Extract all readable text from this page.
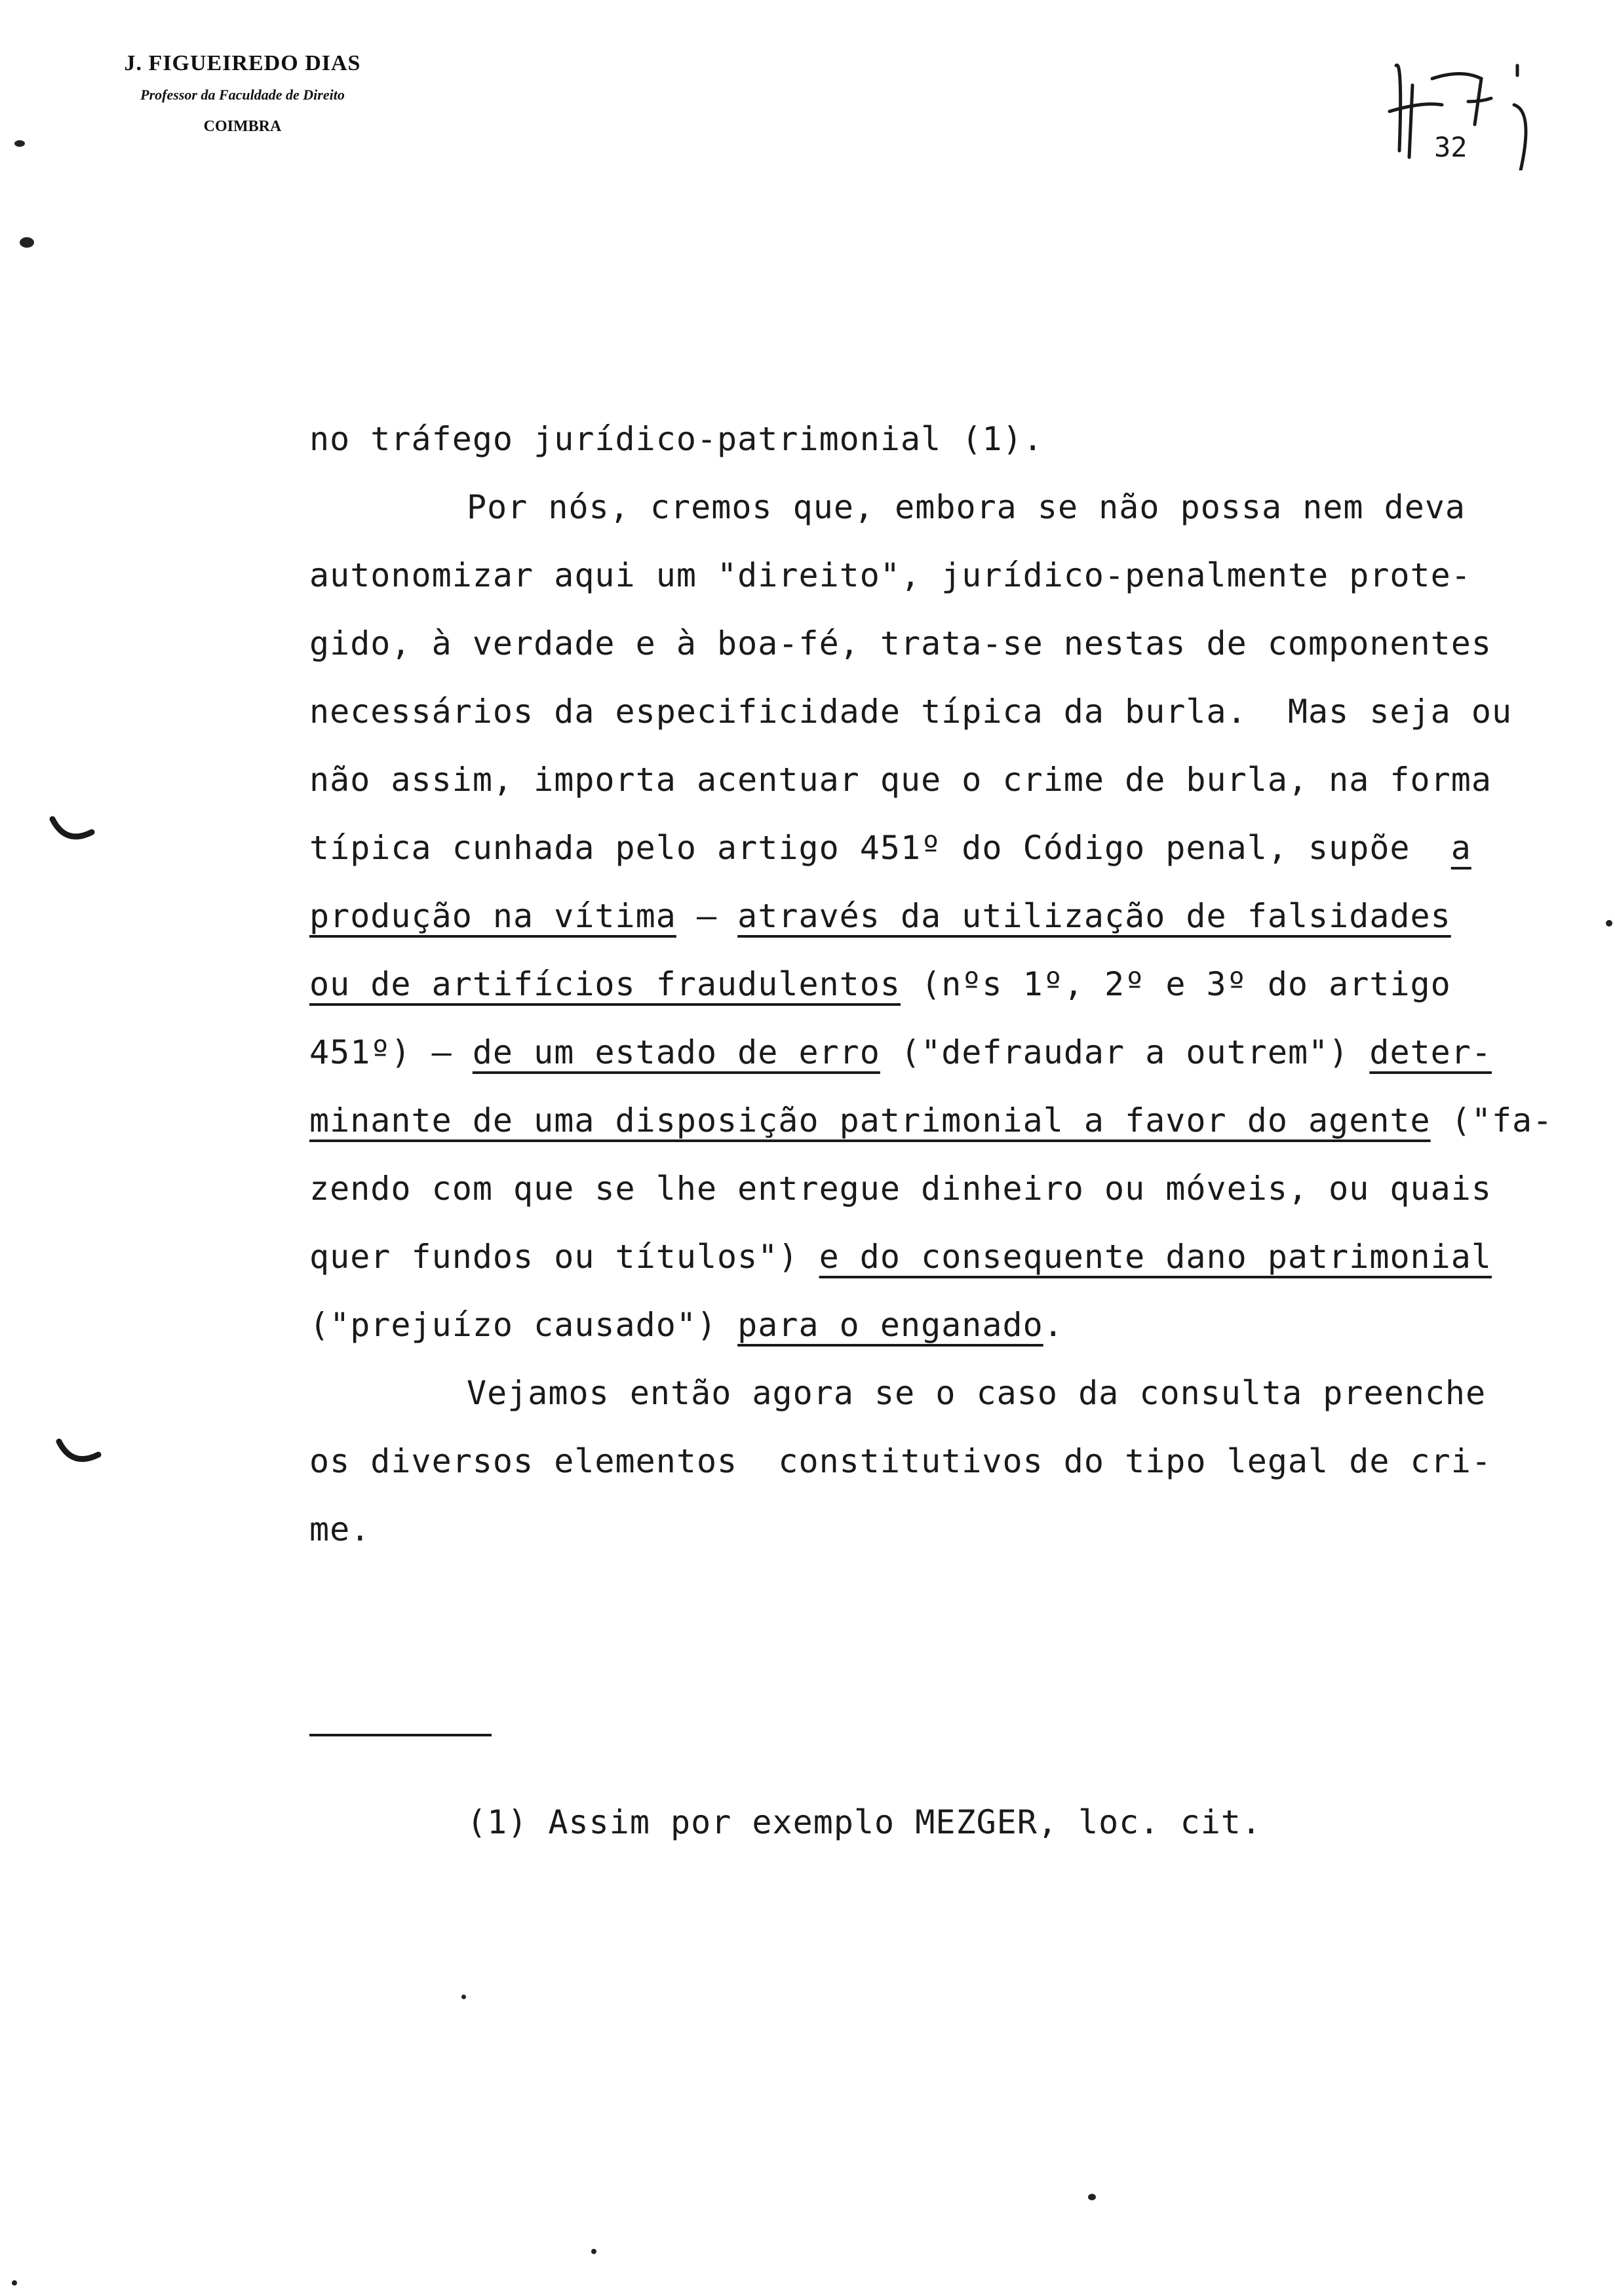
J. FIGUEIREDO DIAS
Professor da Faculdade de Direito
COIMBRA
32
no tráfego jurídico-patrimonial (1).
Por nós, cremos que, embora se não possa nem deva
autonomizar aqui um "direito", jurídico-penalmente prote-
gido, à verdade e à boa-fé, trata-se nestas de componentes
necessários da especificidade típica da burla.  Mas seja ou
não assim, importa acentuar que o crime de burla, na forma
típica cunhada pelo artigo 451º do Código penal, supõe  a
produção na vítima — através da utilização de falsidades
ou de artifícios fraudulentos (nºs 1º, 2º e 3º do artigo
451º) — de um estado de erro ("defraudar a outrem") deter-
minante de uma disposição patrimonial a favor do agente ("fa-
zendo com que se lhe entregue dinheiro ou móveis, ou quais
quer fundos ou títulos") e do consequente dano patrimonial
("prejuízo causado") para o enganado.
Vejamos então agora se o caso da consulta preenche
os diversos elementos  constitutivos do tipo legal de cri-
me.
(1) Assim por exemplo MEZGER, loc. cit.
